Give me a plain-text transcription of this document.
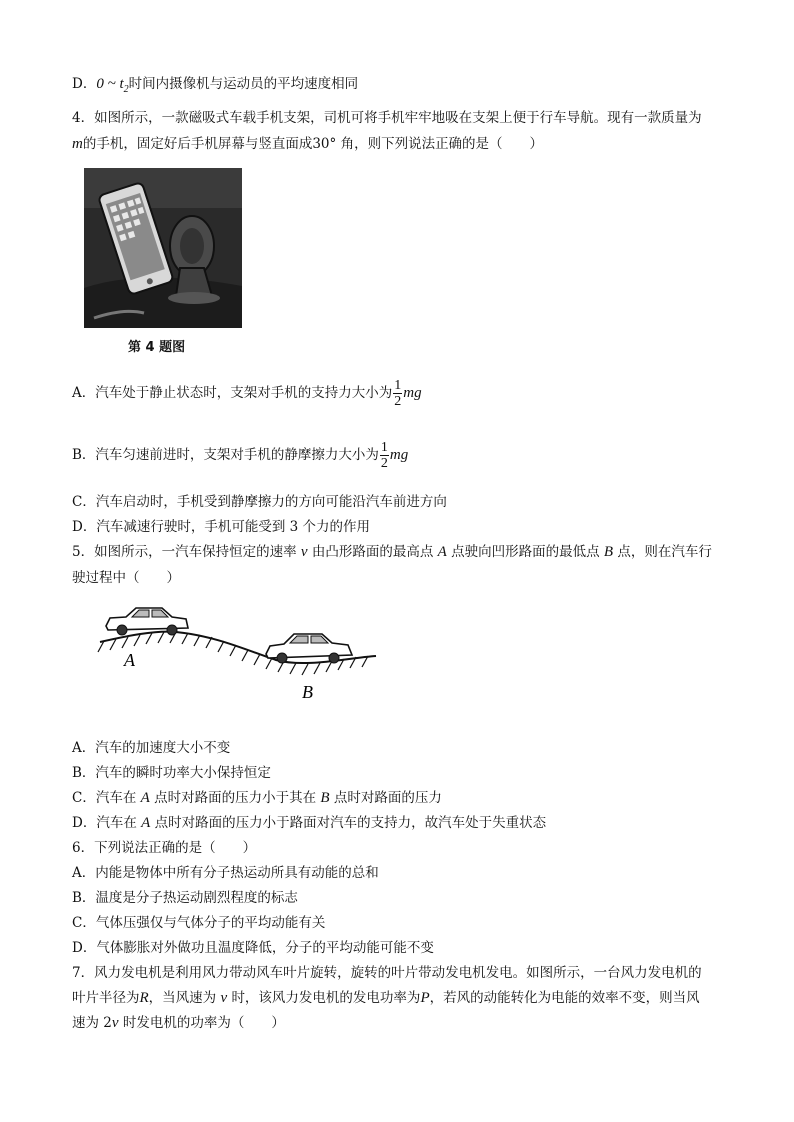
D．0 ~ $t_2$时间内摄像机与运动员的平均速度相同
4．如图所示，一款磁吸式车载手机支架，司机可将手机牢牢地吸在支架上便于行车导航。现有一款质量为
m的手机，固定好后手机屏幕与竖直面成30° 角，则下列说法正确的是（　　）
第 4 题图
A．汽车处于静止状态时，支架对手机的支持力大小为 $\frac{1}{2}$ mg
B．汽车匀速前进时，支架对手机的静摩擦力大小为 $\frac{1}{2}$ mg
C．汽车启动时，手机受到静摩擦力的方向可能沿汽车前进方向
D．汽车减速行驶时，手机可能受到 3 个力的作用
5．如图所示，一汽车保持恒定的速率 v 由凸形路面的最高点 A 点驶向凹形路面的最低点 B 点，则在汽车行
驶过程中（　　）
A
B
A．汽车的加速度大小不变
B．汽车的瞬时功率大小保持恒定
C．汽车在 A 点时对路面的压力小于其在 B 点时对路面的压力
D．汽车在 A 点时对路面的压力小于路面对汽车的支持力，故汽车处于失重状态
6．下列说法正确的是（　　）
A．内能是物体中所有分子热运动所具有动能的总和
B．温度是分子热运动剧烈程度的标志
C．气体压强仅与气体分子的平均动能有关
D．气体膨胀对外做功且温度降低，分子的平均动能可能不变
7．风力发电机是利用风力带动风车叶片旋转，旋转的叶片带动发电机发电。如图所示，一台风力发电机的
叶片半径为R，当风速为 v 时，该风力发电机的发电功率为P，若风的动能转化为电能的效率不变，则当风
速为 2v 时发电机的功率为（　　）
